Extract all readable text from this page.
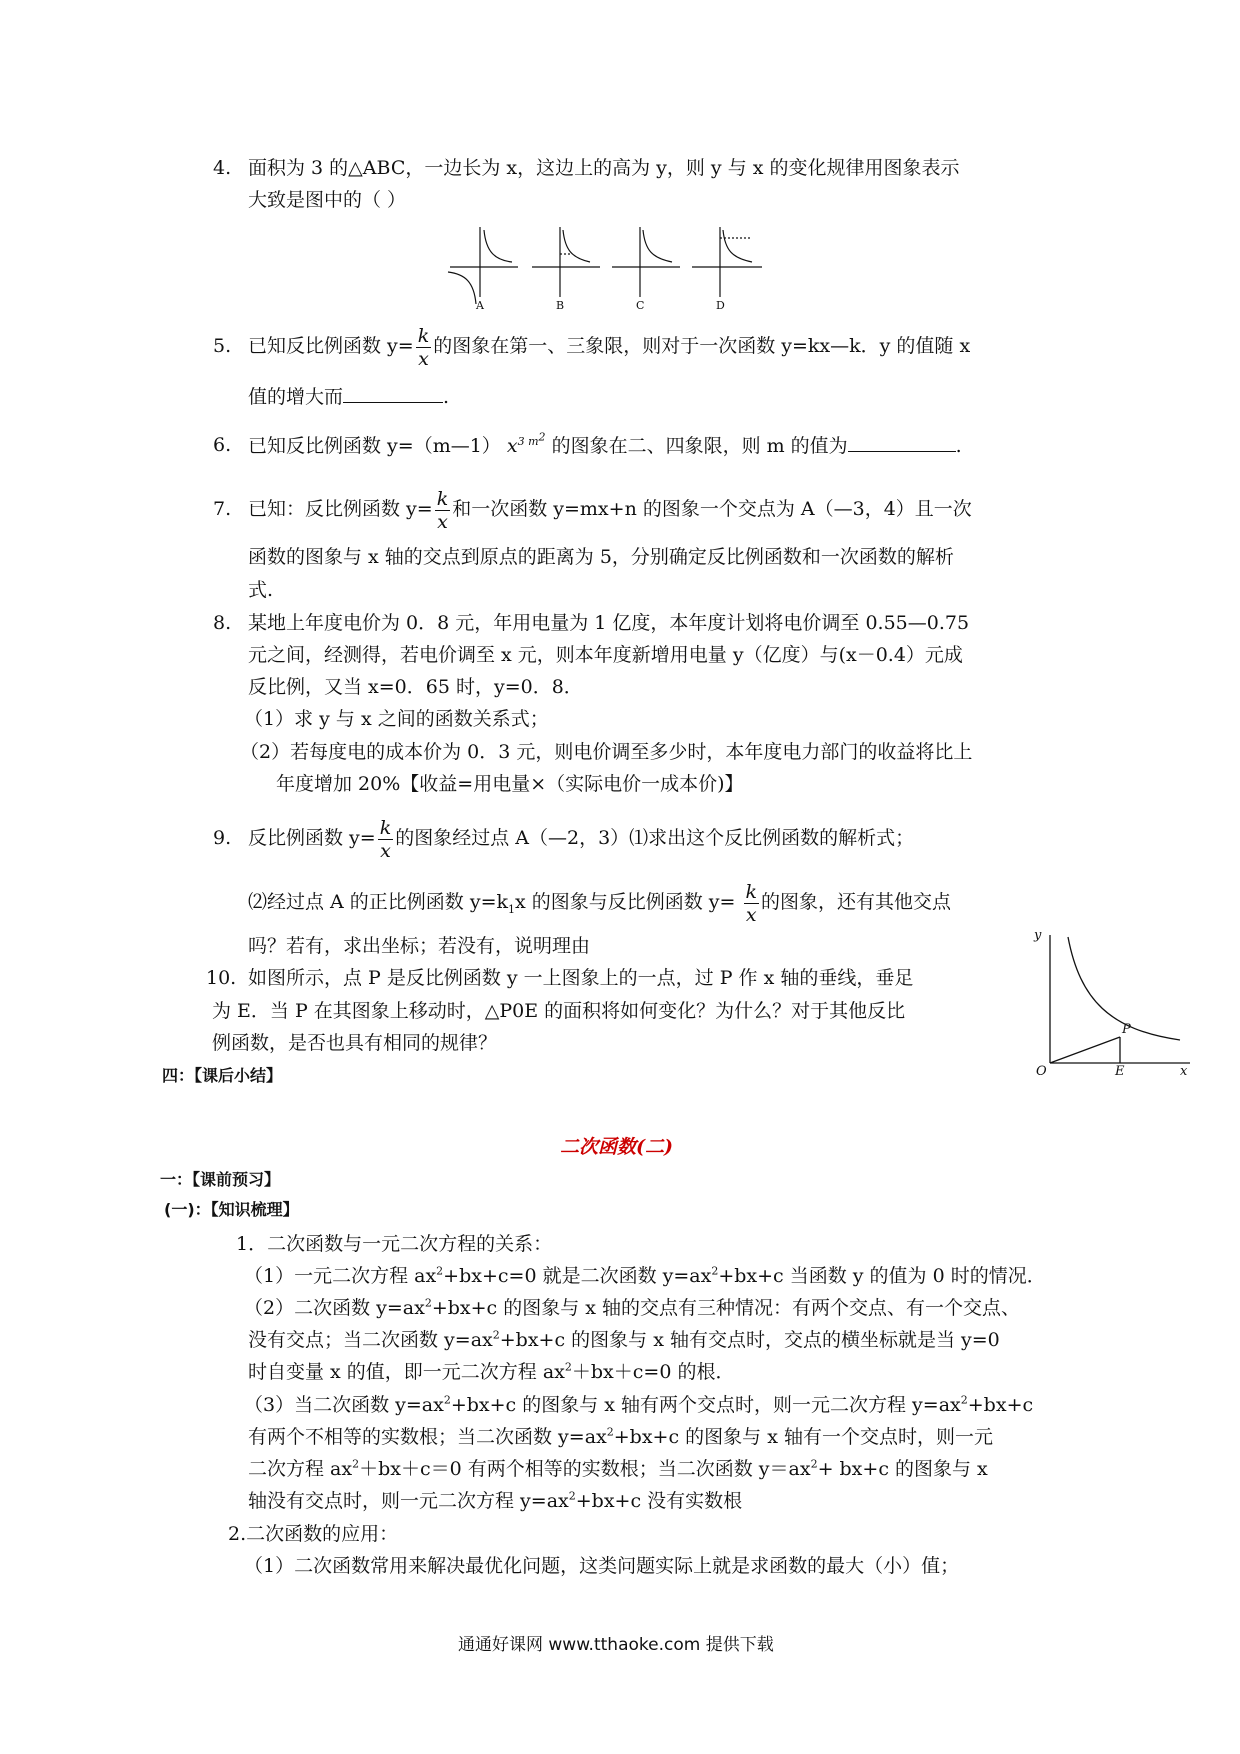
4. 面积为 3 的△ABC，一边长为 x，这边上的高为 y，则 y 与 x 的变化规律用图象表示
大致是图中的（ ）
A	B	C	D
5. 已知反比例函数 $y= \frac{k}{x}$ 的图象在第一、三象限，则对于一次函数 y=kx—k．y 的值随 x
值的增大而	.
6. 已知反比例函数 y=（m—1） $x^{3 m^2}$ 的图象在二、四象限，则 m 的值为	.
7. 已知：反比例函数 $y= \frac{k}{x}$ 和一次函数 y=mx+n 的图象一个交点为 A（—3，4）且一次
函数的图象与 x 轴的交点到原点的距离为 5，分别确定反比例函数和一次函数的解析
式.
8. 某地上年度电价为 0．8 元，年用电量为 1 亿度，本年度计划将电价调至 0.55—0.75
元之间，经测得，若电价调至 x 元，则本年度新增用电量 y（亿度）与(x－0.4）元成
反比例，又当 x=0．65 时，y=0．8．
（1）求 y 与 x 之间的函数关系式；
（2）若每度电的成本价为 0．3 元，则电价调至多少时，本年度电力部门的收益将比上
年度增加 20%【收益=用电量×（实际电价一成本价)】
9. 反比例函数 $y= \frac{k}{x}$ 的图象经过点 A（—2，3）⑴求出这个反比例函数的解析式；
⑵经过点 A 的正比例函数 $y=k_1x$ 的图象与反比例函数 $y= \frac{k}{x}$ 的图象，还有其他交点
吗？若有，求出坐标；若没有，说明理由
10. 如图所示，点 P 是反比例函数 y 一上图象上的一点，过 P 作 x 轴的垂线，垂足
为 E．当 P 在其图象上移动时，△P0E 的面积将如何变化？为什么？对于其他反比
例函数，是否也具有相同的规律？
y
x
O
P
E
四：【课后小结】
二次函数(二)
一：【课前预习】
(一)：【知识梳理】
1．二次函数与一元二次方程的关系：
（1）一元二次方程 $ax^2+bx+c=0$ 就是二次函数 $y=ax^2+bx+c$ 当函数 y 的值为 0 时的情况．
（2）二次函数 $y=ax^2+bx+c$ 的图象与 x 轴的交点有三种情况：有两个交点、有一个交点、
没有交点；当二次函数 $y=ax^2+bx+c$ 的图象与 x 轴有交点时，交点的横坐标就是当 y=0
时自变量 x 的值，即一元二次方程 $ax^2+bx+c=0$ 的根．
（3）当二次函数 $y=ax^2+bx+c$ 的图象与 x 轴有两个交点时，则一元二次方程 $y=ax^2+bx+c$
有两个不相等的实数根；当二次函数 $y=ax^2+bx+c$ 的图象与 x 轴有一个交点时，则一元
二次方程 $ax^2+bx+c=0$ 有两个相等的实数根；当二次函数 $y=ax^2+ bx+c$ 的图象与 x
轴没有交点时，则一元二次方程 $y=ax^2+bx+c$ 没有实数根
2.二次函数的应用：
（1）二次函数常用来解决最优化问题，这类问题实际上就是求函数的最大（小）值；
通通好课网 www.tthaoke.com 提供下载
